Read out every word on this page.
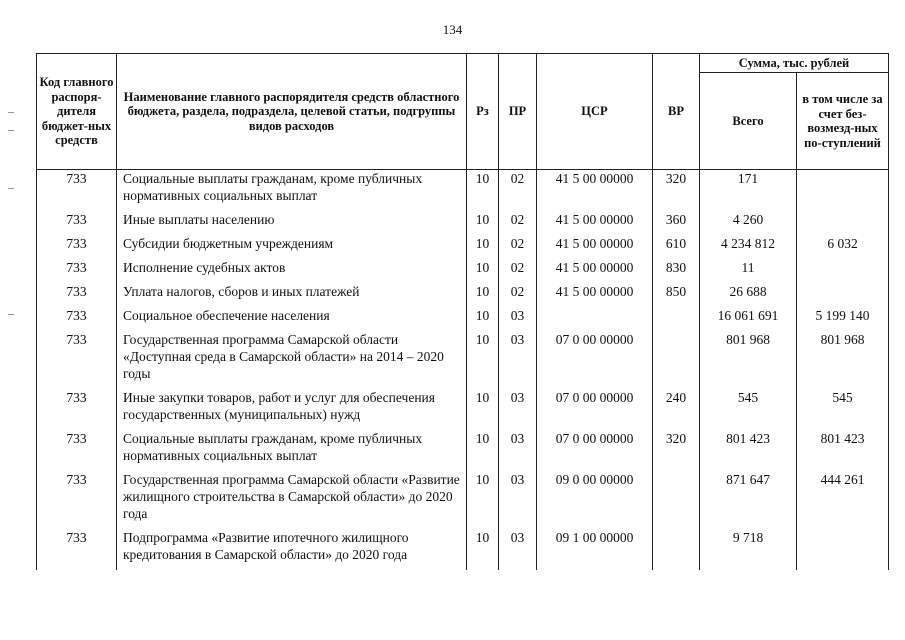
134
Код главного распоря-дителя бюджет-ных средств	Наименование главного распорядителя средств областного бюджета, раздела, подраздела, целевой статьи, подгруппы видов расходов	Рз	ПР	ЦСР	ВР	Сумма, тыс. рублей	
						Всего	в том числе за счет без-возмезд-ных по-ступлений
733	Социальные выплаты гражданам, кроме публичных нормативных социальных выплат	10	02	41 5 00 00000	320	171	
733	Иные выплаты населению	10	02	41 5 00 00000	360	4 260	
733	Субсидии бюджетным учреждениям	10	02	41 5 00 00000	610	4 234 812	6 032
733	Исполнение судебных актов	10	02	41 5 00 00000	830	11	
733	Уплата налогов, сборов и иных платежей	10	02	41 5 00 00000	850	26 688	
733	Социальное обеспечение населения	10	03			16 061 691	5 199 140
733	Государственная программа Самарской области «Доступная среда в Самарской области» на 2014 – 2020 годы	10	03	07 0 00 00000		801 968	801 968
733	Иные закупки товаров, работ и услуг для обеспечения государственных (муниципальных) нужд	10	03	07 0 00 00000	240	545	545
733	Социальные выплаты гражданам, кроме публичных нормативных социальных выплат	10	03	07 0 00 00000	320	801 423	801 423
733	Государственная программа Самарской области «Развитие жилищного строительства в Самарской области» до 2020 года	10	03	09 0 00 00000		871 647	444 261
733	Подпрограмма «Развитие ипотечного жилищного кредитования в Самарской области» до 2020 года	10	03	09 1 00 00000		9 718	
